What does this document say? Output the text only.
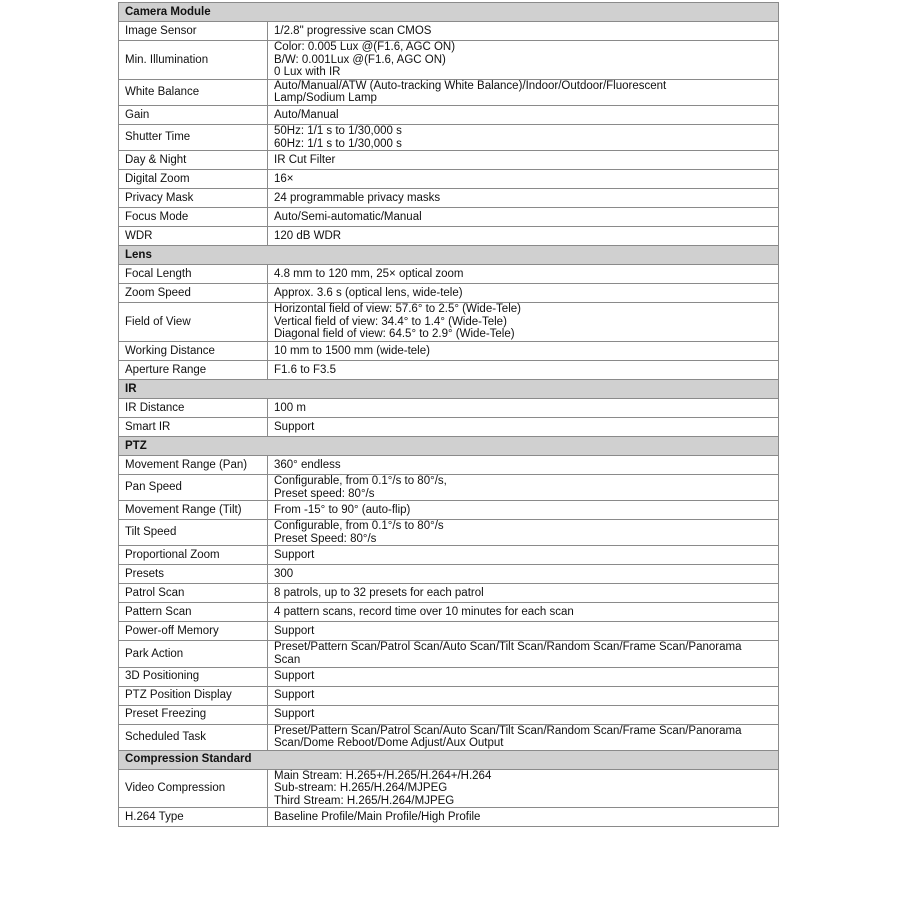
Camera Module	
Image Sensor	1/2.8" progressive scan CMOS

Min. Illumination	Color: 0.005 Lux @(F1.6, AGC ON)
B/W: 0.001Lux @(F1.6, AGC ON)
0 Lux with IR

White Balance	Auto/Manual/ATW (Auto-tracking White Balance)/Indoor/Outdoor/Fluorescent
Lamp/Sodium Lamp

Gain	Auto/Manual

Shutter Time	50Hz: 1/1 s to 1/30,000 s
60Hz: 1/1 s to 1/30,000 s

Day & Night	IR Cut Filter

Digital Zoom	16×

Privacy Mask	24 programmable privacy masks

Focus Mode	Auto/Semi-automatic/Manual

WDR	120 dB WDR

Lens	
Focal Length	4.8 mm to 120 mm, 25× optical zoom

Zoom Speed	Approx. 3.6 s (optical lens, wide-tele)

Field of View	Horizontal field of view: 57.6° to 2.5° (Wide-Tele)
Vertical field of view: 34.4° to 1.4° (Wide-Tele)
Diagonal field of view: 64.5° to 2.9° (Wide-Tele)

Working Distance	10 mm to 1500 mm (wide-tele)

Aperture Range	F1.6 to F3.5

IR	
IR Distance	100 m

Smart IR	Support

PTZ	
Movement Range (Pan)	360° endless

Pan Speed	Configurable, from 0.1°/s to 80°/s,
Preset speed: 80°/s

Movement Range (Tilt)	From -15° to 90° (auto-flip)

Tilt Speed	Configurable, from 0.1°/s to 80°/s
Preset Speed: 80°/s

Proportional Zoom	Support

Presets	300

Patrol Scan	8 patrols, up to 32 presets for each patrol

Pattern Scan	4 pattern scans, record time over 10 minutes for each scan

Power-off Memory	Support

Park Action	Preset/Pattern Scan/Patrol Scan/Auto Scan/Tilt Scan/Random Scan/Frame Scan/Panorama
Scan

3D Positioning	Support

PTZ Position Display	Support

Preset Freezing	Support

Scheduled Task	Preset/Pattern Scan/Patrol Scan/Auto Scan/Tilt Scan/Random Scan/Frame Scan/Panorama
Scan/Dome Reboot/Dome Adjust/Aux Output

Compression Standard	
Video Compression	Main Stream: H.265+/H.265/H.264+/H.264
Sub-stream: H.265/H.264/MJPEG
Third Stream: H.265/H.264/MJPEG

H.264 Type	Baseline Profile/Main Profile/High Profile
